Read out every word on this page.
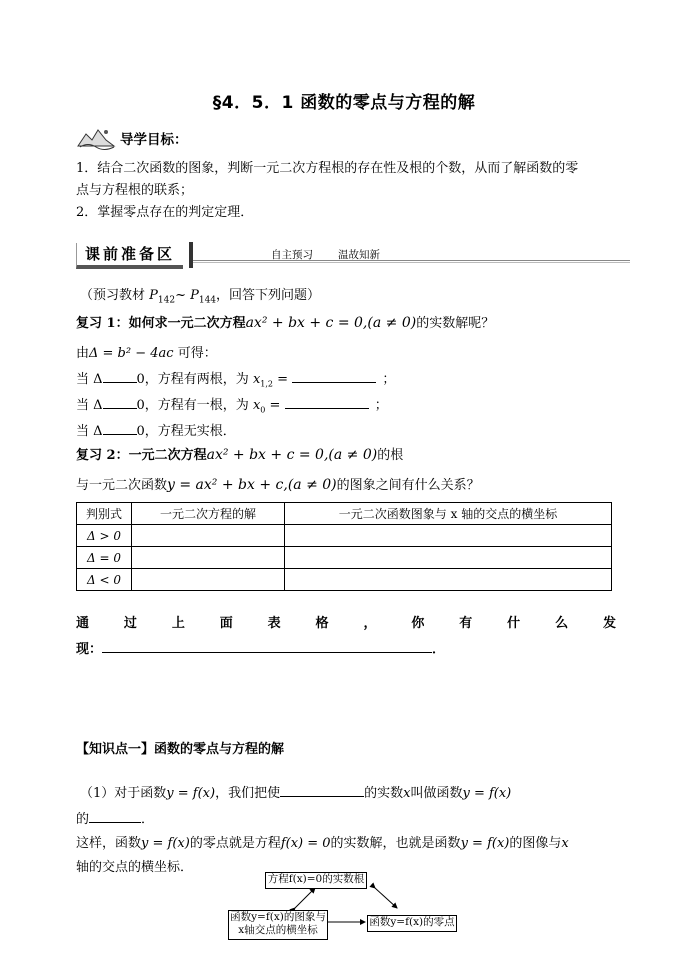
§4．5．1 函数的零点与方程的解
导学目标：
1．结合二次函数的图象，判断一元二次方程根的存在性及根的个数，从而了解函数的零
点与方程根的联系；
2．掌握零点存在的判定定理．
课前准备区	自主预习 温故知新
（预习教材 $P_{142}\sim$ $P_{144}$，回答下列问题）
复习 1：如何求一元二次方程ax² + bx + c = 0,(a ≠ 0)的实数解呢？
由Δ = b² − 4ac 可得：
当 Δ	0，方程有两根，为 $x_{1,2}$ =	；
当 Δ	0，方程有一根，为 $x_0$ =	；
当 Δ	0，方程无实根．
复习 2：一元二次方程ax² + bx + c = 0,(a ≠ 0)的根
与一元二次函数y = ax² + bx + c,(a ≠ 0)的图象之间有什么关系？
判别式	一元二次方程的解	一元二次函数图象与 x 轴的交点的横坐标
Δ > 0		
Δ = 0		
Δ < 0		
通	过	上	面	表	格	，	你	有	什	么	发
现：	．
【知识点一】函数的零点与方程的解
（1）对于函数y = f(x)，我们把使	的实数x叫做函数y = f(x)
的	．
这样，函数y = f(x)的零点就是方程f(x) = 0的实数解，也就是函数y = f(x)的图像与x
轴的交点的横坐标．
方程f(x)=0的实数根
函数y=f(x)的图象与
x轴交点的横坐标
函数y=f(x)的零点
